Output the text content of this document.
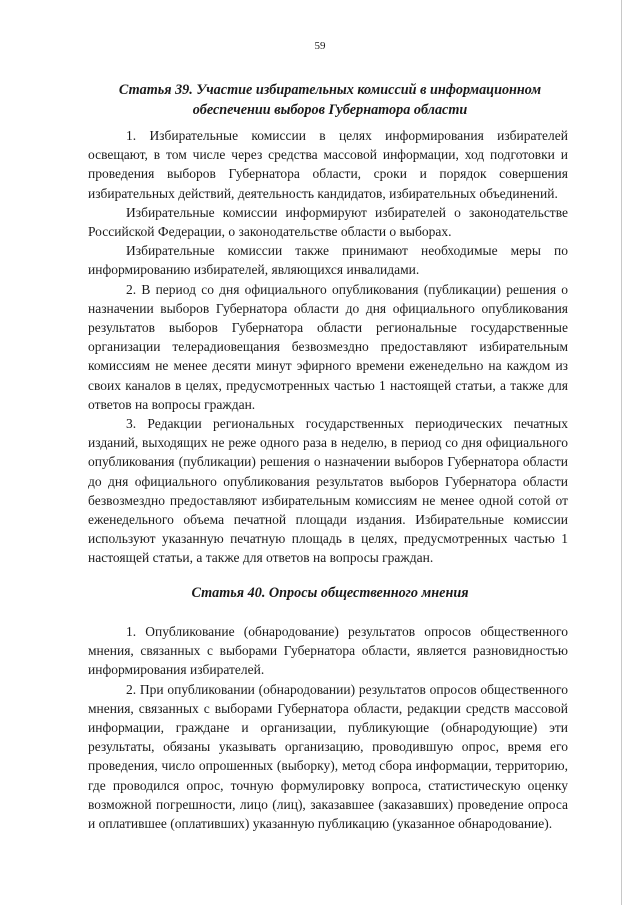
59
Статья 39. Участие избирательных комиссий в информационном
обеспечении выборов Губернатора области

1. Избирательные комиссии в целях информирования избирателей освещают, в том числе через средства массовой информации, ход подготовки и проведения выборов Губернатора области, сроки и порядок совершения избирательных действий, деятельность кандидатов, избирательных объединений.

Избирательные комиссии информируют избирателей о законодательстве Российской Федерации, о законодательстве области о выборах.

Избирательные комиссии также принимают необходимые меры по информированию избирателей, являющихся инвалидами.

2. В период со дня официального опубликования (публикации) решения о назначении выборов Губернатора области до дня официального опубликования результатов выборов Губернатора области региональные государственные организации телерадиовещания безвозмездно предоставляют избирательным комиссиям не менее десяти минут эфирного времени еженедельно на каждом из своих каналов в целях, предусмотренных частью 1 настоящей статьи, а также для ответов на вопросы граждан.

3. Редакции региональных государственных периодических печатных изданий, выходящих не реже одного раза в неделю, в период со дня официального опубликования (публикации) решения о назначении выборов Губернатора области до дня официального опубликования результатов выборов Губернатора области безвозмездно предоставляют избирательным комиссиям не менее одной сотой от еженедельного объема печатной площади издания. Избирательные комиссии используют указанную печатную площадь в целях, предусмотренных частью 1 настоящей статьи, а также для ответов на вопросы граждан.

Статья 40. Опросы общественного мнения

1. Опубликование (обнародование) результатов опросов общественного мнения, связанных с выборами Губернатора области, является разновидностью информирования избирателей.

2. При опубликовании (обнародовании) результатов опросов общественного мнения, связанных с выборами Губернатора области, редакции средств массовой информации, граждане и организации, публикующие (обнародующие) эти результаты, обязаны указывать организацию, проводившую опрос, время его проведения, число опрошенных (выборку), метод сбора информации, территорию, где проводился опрос, точную формулировку вопроса, статистическую оценку возможной погрешности, лицо (лиц), заказавшее (заказавших) проведение опроса и оплатившее (оплативших) указанную публикацию (указанное обнародование).
